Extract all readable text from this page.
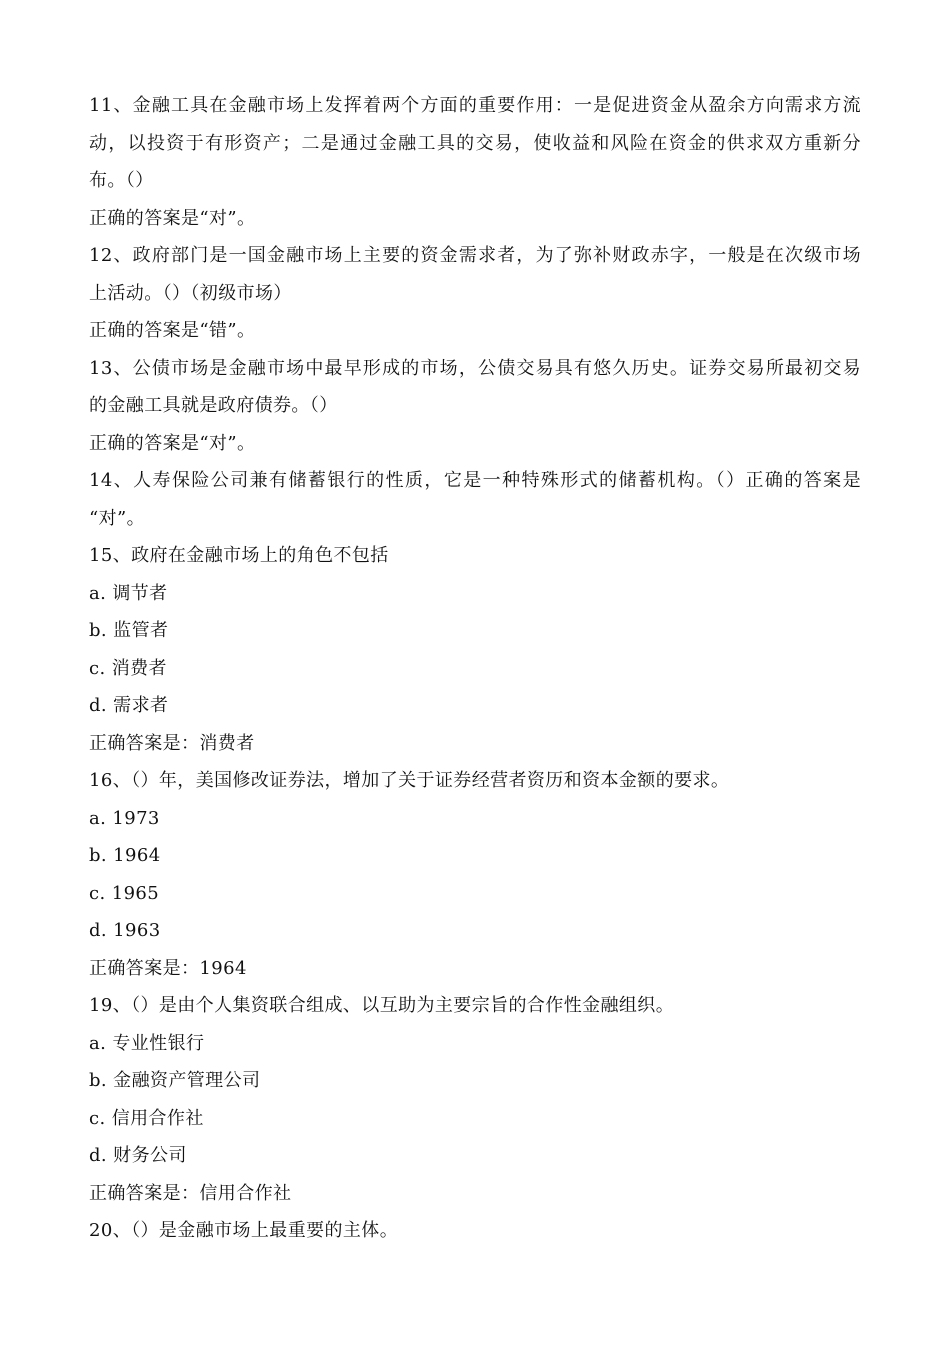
11、金融工具在金融市场上发挥着两个方面的重要作用：一是促进资金从盈余方向需求方流
动，以投资于有形资产；二是通过金融工具的交易，使收益和风险在资金的供求双方重新分
布。（）
正确的答案是“对”。
12、政府部门是一国金融市场上主要的资金需求者，为了弥补财政赤字，一般是在次级市场
上活动。（）（初级市场）
正确的答案是“错”。
13、公债市场是金融市场中最早形成的市场，公债交易具有悠久历史。证券交易所最初交易
的金融工具就是政府债券。（）
正确的答案是“对”。
14、人寿保险公司兼有储蓄银行的性质，它是一种特殊形式的储蓄机构。（）正确的答案是
“对”。
15、政府在金融市场上的角色不包括
a. 调节者
b. 监管者
c. 消费者
d. 需求者
正确答案是：消费者
16、（）年，美国修改证券法，增加了关于证券经营者资历和资本金额的要求。
a. 1973
b. 1964
c. 1965
d. 1963
正确答案是：1964
19、（）是由个人集资联合组成、以互助为主要宗旨的合作性金融组织。
a. 专业性银行
b. 金融资产管理公司
c. 信用合作社
d. 财务公司
正确答案是：信用合作社
20、（）是金融市场上最重要的主体。
